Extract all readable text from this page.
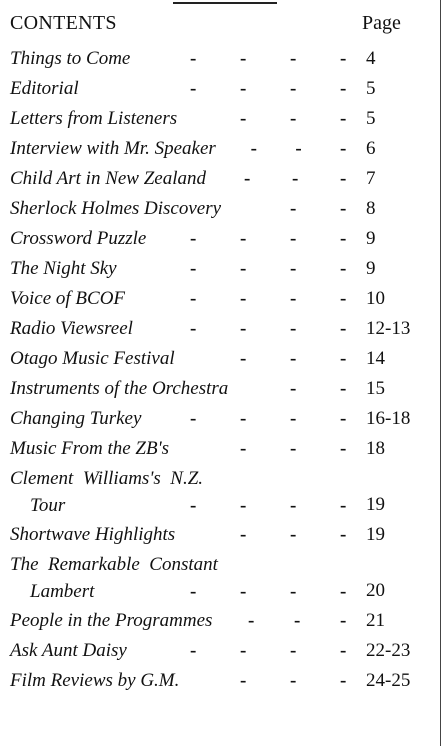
CONTENTS	Page
Things to Come	- - - - 4
Editorial	- - - - 5
Letters from Listeners	- - - 5
Interview with Mr. Speaker - - - 6
Child Art in New Zealand - - - 7
Sherlock Holmes Discovery	- - 8
Crossword Puzzle - - - - 9
The Night Sky	- - - - 9
Voice of BCOF	- - - - 10
Radio Viewsreel	- - - - 12-13
Otago Music Festival	- - - 14
Instruments of the Orchestra	- - 15
Changing Turkey	- - - - 16-18
Music From the ZB's	- - - 18
Clement  Williams's  N.Z.
Tour	- - - - 19
Shortwave Highlights	- - - 19
The  Remarkable  Constant
Lambert	- - - - 20
People in the Programmes - - - 21
Ask Aunt Daisy	- - - - 22-23
Film Reviews by G.M.	- - - 24-25
